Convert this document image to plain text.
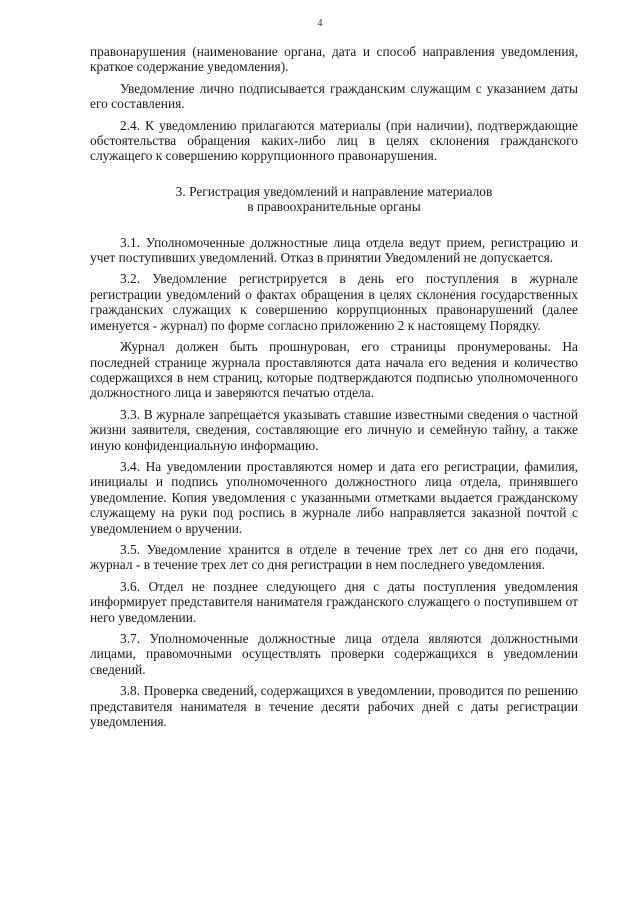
4

правонарушения (наименование органа, дата и способ направления уведомления, краткое содержание уведомления).

Уведомление лично подписывается гражданским служащим с указанием даты его составления.

2.4. К уведомлению прилагаются материалы (при наличии), подтверждающие обстоятельства обращения каких-либо лиц в целях склонения гражданского служащего к совершению коррупционного правонарушения.

3. Регистрация уведомлений и направление материалов
в правоохранительные органы

3.1. Уполномоченные должностные лица отдела ведут прием, регистрацию и учет поступивших уведомлений. Отказ в принятии Уведомлений не допускается.

3.2. Уведомление регистрируется в день его поступления в журнале регистрации уведомлений о фактах обращения в целях склонения государственных гражданских служащих к совершению коррупционных правонарушений (далее именуется - журнал) по форме согласно приложению 2 к настоящему Порядку.

Журнал должен быть прошнурован, его страницы пронумерованы. На последней странице журнала проставляются дата начала его ведения и количество содержащихся в нем страниц, которые подтверждаются подписью уполномоченного должностного лица и заверяются печатью отдела.

3.3. В журнале запрещается указывать ставшие известными сведения о частной жизни заявителя, сведения, составляющие его личную и семейную тайну, а также иную конфиденциальную информацию.

3.4. На уведомлении проставляются номер и дата его регистрации, фамилия, инициалы и подпись уполномоченного должностного лица отдела, принявшего уведомление. Копия уведомления с указанными отметками выдается гражданскому служащему на руки под роспись в журнале либо направляется заказной почтой с уведомлением о вручении.

3.5. Уведомление хранится в отделе в течение трех лет со дня его подачи, журнал - в течение трех лет со дня регистрации в нем последнего уведомления.

3.6. Отдел не позднее следующего дня с даты поступления уведомления информирует представителя нанимателя гражданского служащего о поступившем от него уведомлении.

3.7. Уполномоченные должностные лица отдела являются должностными лицами, правомочными осуществлять проверки содержащихся в уведомлении сведений.

3.8. Проверка сведений, содержащихся в уведомлении, проводится по решению представителя нанимателя в течение десяти рабочих дней с даты регистрации уведомления.
